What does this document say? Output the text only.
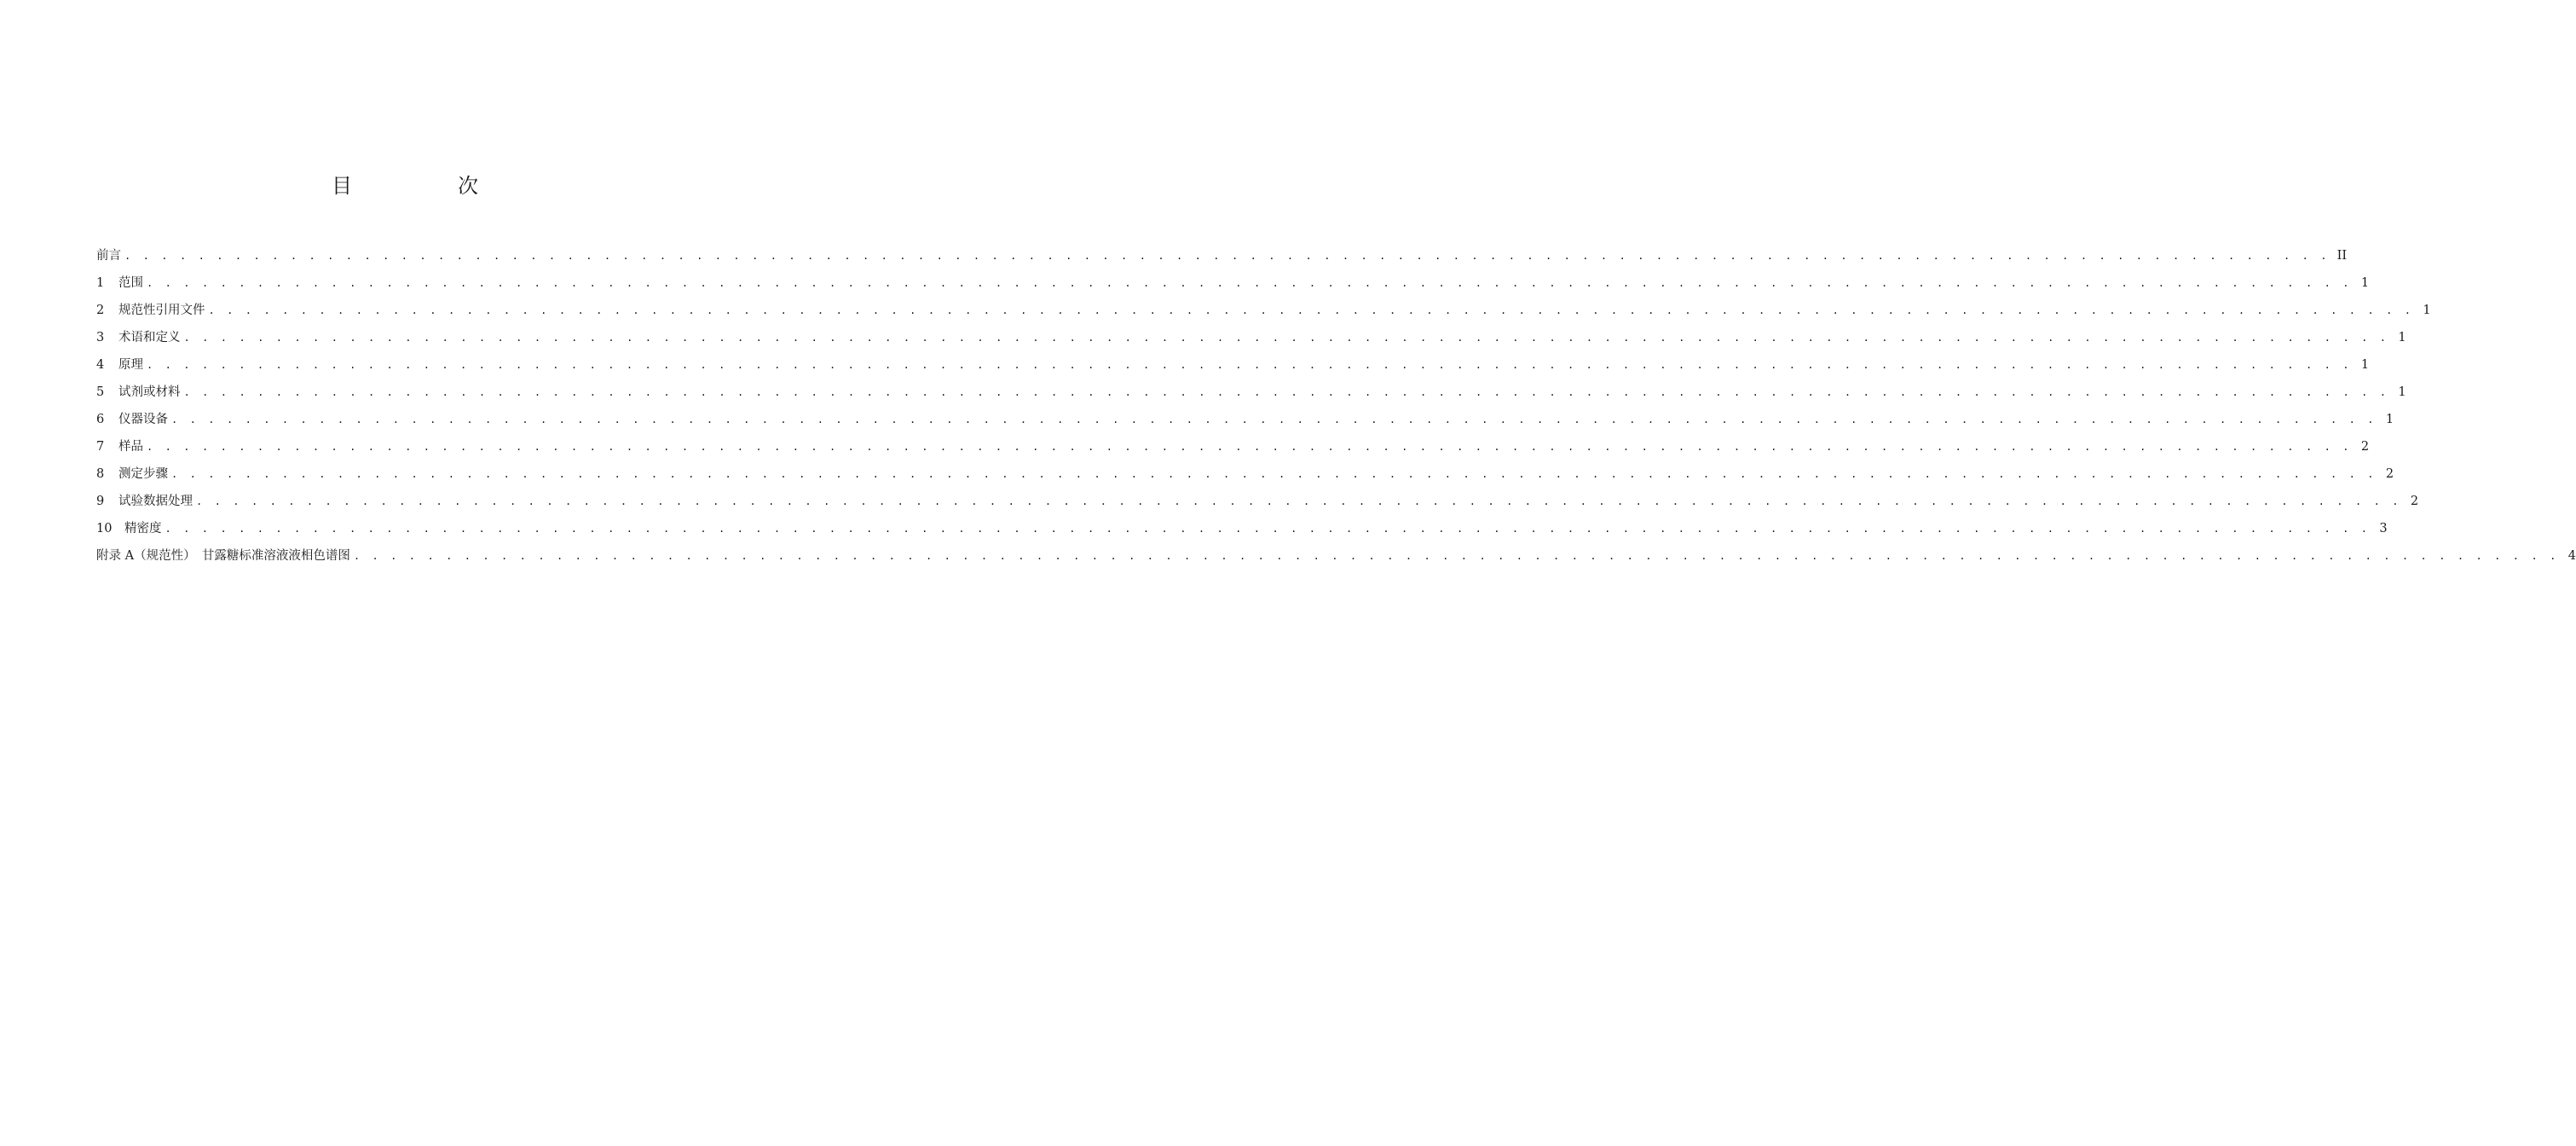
目　次
前言 . . . . . . . . . . . . . . . . . . . . . . . . . . . . . . . . . . . . . . . . . . . . . . . . . . . . . . . . . . . . . . . . . . . . . . . . . . . . . . . . . . . . . . . . . . . . . . . . . . . . . . . . . . . . . . . . . . . . . . . . II
1	范围 . . . . . . . . . . . . . . . . . . . . . . . . . . . . . . . . . . . . . . . . . . . . . . . . . . . . . . . . . . . . . . . . . . . . . . . . . . . . . . . . . . . . . . . . . . . . . . . . . . . . . . . . . . . . . . . . . . . . . . . . 1
2	规范性引用文件 . . . . . . . . . . . . . . . . . . . . . . . . . . . . . . . . . . . . . . . . . . . . . . . . . . . . . . . . . . . . . . . . . . . . . . . . . . . . . . . . . . . . . . . . . . . . . . . . . . . . . . . . . . . . . . . . . . . . . . . . 1
3	术语和定义 . . . . . . . . . . . . . . . . . . . . . . . . . . . . . . . . . . . . . . . . . . . . . . . . . . . . . . . . . . . . . . . . . . . . . . . . . . . . . . . . . . . . . . . . . . . . . . . . . . . . . . . . . . . . . . . . . . . . . . . . 1
4	原理 . . . . . . . . . . . . . . . . . . . . . . . . . . . . . . . . . . . . . . . . . . . . . . . . . . . . . . . . . . . . . . . . . . . . . . . . . . . . . . . . . . . . . . . . . . . . . . . . . . . . . . . . . . . . . . . . . . . . . . . . 1
5	试剂或材料 . . . . . . . . . . . . . . . . . . . . . . . . . . . . . . . . . . . . . . . . . . . . . . . . . . . . . . . . . . . . . . . . . . . . . . . . . . . . . . . . . . . . . . . . . . . . . . . . . . . . . . . . . . . . . . . . . . . . . . . . 1
6	仪器设备 . . . . . . . . . . . . . . . . . . . . . . . . . . . . . . . . . . . . . . . . . . . . . . . . . . . . . . . . . . . . . . . . . . . . . . . . . . . . . . . . . . . . . . . . . . . . . . . . . . . . . . . . . . . . . . . . . . . . . . . . 1
7	样品 . . . . . . . . . . . . . . . . . . . . . . . . . . . . . . . . . . . . . . . . . . . . . . . . . . . . . . . . . . . . . . . . . . . . . . . . . . . . . . . . . . . . . . . . . . . . . . . . . . . . . . . . . . . . . . . . . . . . . . . . 2
8	测定步骤 . . . . . . . . . . . . . . . . . . . . . . . . . . . . . . . . . . . . . . . . . . . . . . . . . . . . . . . . . . . . . . . . . . . . . . . . . . . . . . . . . . . . . . . . . . . . . . . . . . . . . . . . . . . . . . . . . . . . . . . . 2
9	试验数据处理 . . . . . . . . . . . . . . . . . . . . . . . . . . . . . . . . . . . . . . . . . . . . . . . . . . . . . . . . . . . . . . . . . . . . . . . . . . . . . . . . . . . . . . . . . . . . . . . . . . . . . . . . . . . . . . . . . . . . . . . . 2
10	精密度 . . . . . . . . . . . . . . . . . . . . . . . . . . . . . . . . . . . . . . . . . . . . . . . . . . . . . . . . . . . . . . . . . . . . . . . . . . . . . . . . . . . . . . . . . . . . . . . . . . . . . . . . . . . . . . . . . . . . . . . . 3
附录 A（规范性）　甘露糖标准溶液液相色谱图 . . . . . . . . . . . . . . . . . . . . . . . . . . . . . . . . . . . . . . . . . . . . . . . . . . . . . . . . . . . . . . . . . . . . . . . . . . . . . . . . . . . . . . . . . . . . . . . . . . . . . . . . . . . . . . . . . . . . . . . . 4
